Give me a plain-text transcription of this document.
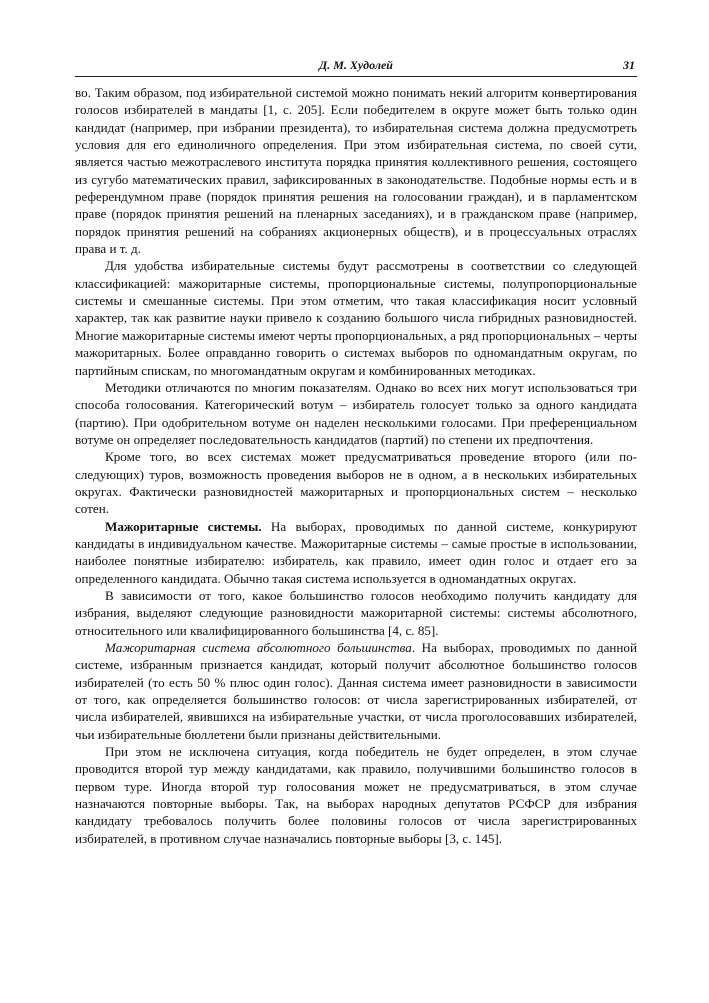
Д. М. Худолей	31

во. Таким образом, под избирательной системой можно понимать некий алгоритм конвертирования голосов избирателей в мандаты [1, с. 205]. Если победителем в округе может быть только один кандидат (например, при избрании президента), то избирательная система должна предусмотреть условия для его единоличного определения. При этом избирательная система, по своей сути, является частью межотраслевого института порядка принятия коллективного решения, состоящего из сугубо математических правил, зафиксированных в законодательстве. Подобные нормы есть и в референдумном праве (порядок принятия решения на голосовании граждан), и в парламентском праве (порядок принятия решений на пленарных заседаниях), и в гражданском праве (например, порядок принятия решений на собраниях акционерных обществ), и в процессуальных отраслях права и т. д.

Для удобства избирательные системы будут рассмотрены в соответствии со следующей классификацией: мажоритарные системы, пропорциональные системы, полупропорциональные системы и смешанные системы. При этом отметим, что такая классификация носит условный характер, так как развитие науки привело к созданию большого числа гибридных разновидностей. Многие мажоритарные системы имеют черты пропорциональных, а ряд пропорциональных – черты мажоритарных. Более оправданно говорить о системах выборов по одномандатным округам, по партийным спискам, по многомандатным округам и комбинированных методиках.

Методики отличаются по многим показателям. Однако во всех них могут использоваться три способа голосования. Категорический вотум – избиратель голосует только за одного кандидата (партию). При одобрительном вотуме он наделен несколькими голосами. При преференциальном вотуме он определяет последовательность кандидатов (партий) по степени их предпочтения.

Кроме того, во всех системах может предусматриваться проведение второго (или последующих) туров, возможность проведения выборов не в одном, а в нескольких избирательных округах. Фактически разновидностей мажоритарных и пропорциональных систем – несколько сотен.

Мажоритарные системы. На выборах, проводимых по данной системе, конкурируют кандидаты в индивидуальном качестве. Мажоритарные системы – самые простые в использовании, наиболее понятные избирателю: избиратель, как правило, имеет один голос и отдает его за определенного кандидата. Обычно такая система используется в одномандатных округах.

В зависимости от того, какое большинство голосов необходимо получить кандидату для избрания, выделяют следующие разновидности мажоритарной системы: системы абсолютного, относительного или квалифицированного большинства [4, с. 85].

Мажоритарная система абсолютного большинства. На выборах, проводимых по данной системе, избранным признается кандидат, который получит абсолютное большинство голосов избирателей (то есть 50 % плюс один голос). Данная система имеет разновидности в зависимости от того, как определяется большинство голосов: от числа зарегистрированных избирателей, от числа избирателей, явившихся на избирательные участки, от числа проголосовавших избирателей, чьи избирательные бюллетени были признаны действительными.

При этом не исключена ситуация, когда победитель не будет определен, в этом случае проводится второй тур между кандидатами, как правило, получившими большинство голосов в первом туре. Иногда второй тур голосования может не предусматриваться, в этом случае назначаются повторные выборы. Так, на выборах народных депутатов РСФСР для избрания кандидату требовалось получить более половины голосов от числа зарегистрированных избирателей, в противном случае назначались повторные выборы [3, с. 145].
